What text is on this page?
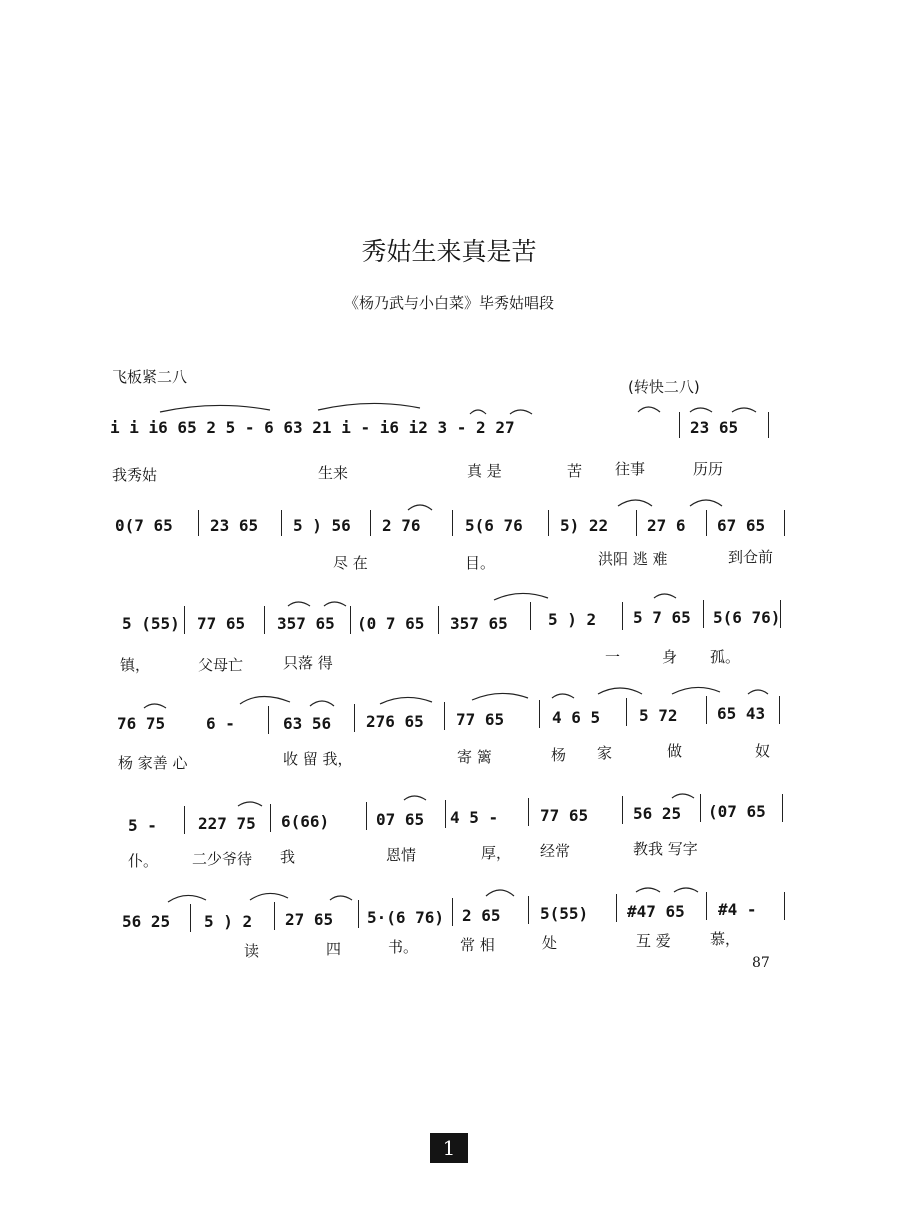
秀姑生来真是苦
《杨乃武与小白菜》毕秀姑唱段
飞板紧二八
(转快二八)
i i i6 65 2 5 - 6 63 21 i - i6 i2 3 - 2 27	23 65
我秀姑	生来	真 是	苦 往事	历历
0(7 65 23 65 5 ) 56 2 76	5(6 76 5) 22 27 6 67 65
尽 在	目。	洪阳 逃 难	到仓前
5 (55) 77 65 357 65 (0 7 65 357 65	5 ) 2 5 7 65 5(6 76)
镇，	父母亡	只落 得	一	身 孤。
76 75	6 -	63 56 276 65 77 65	4 6 5 5 72 65 43
杨 家善 心	收 留 我，	寄 篱	杨 家	做	奴
5 -	227 75 6(66)	07 65 4 5 -	77 65	56 25 (07 65
仆。 二少爷待 我	恩情	厚， 经常	教我 写字
56 25 5 ) 2 27 65 5·(6 76) 2 65 5(55) #47 65 #4 -
读	四	书。	常 相	处	互 爱	慕，
87
1
